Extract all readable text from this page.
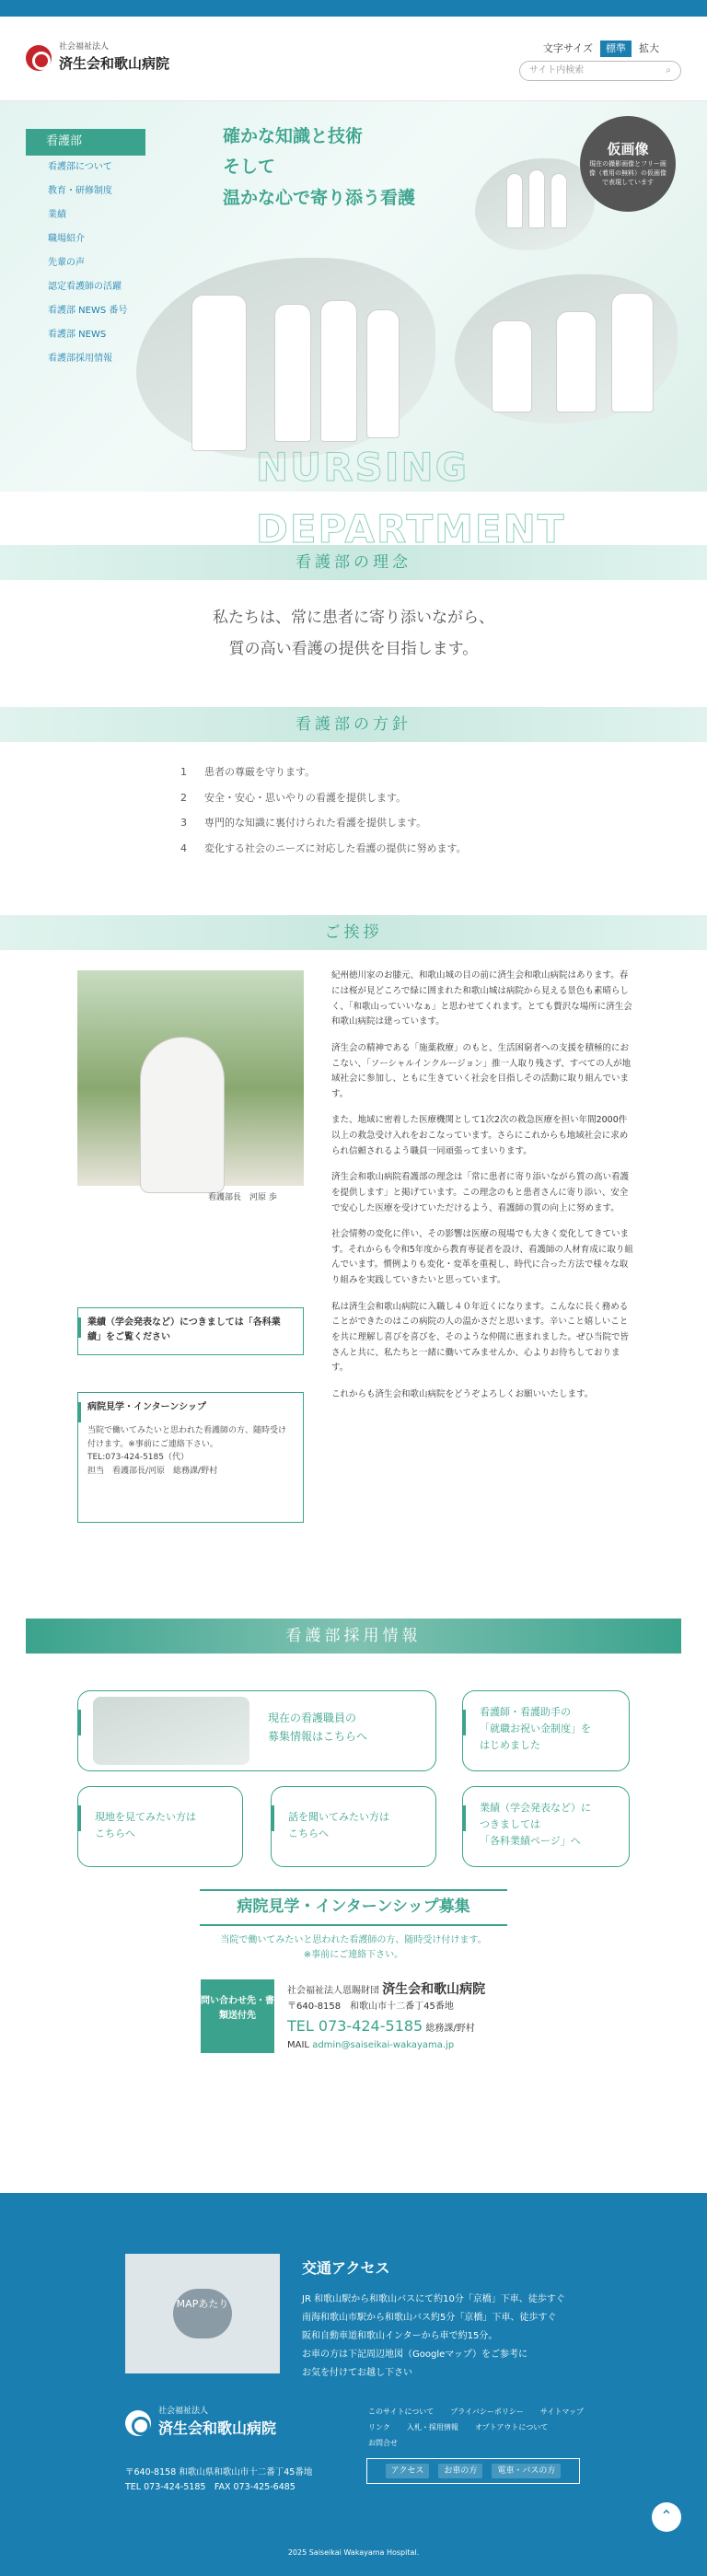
社会福祉法人
済生会和歌山病院
文字サイズ	標準	拡大
サイト内検索	⌕
看護部
看護部について
教育・研修制度
業績
職場紹介
先輩の声
認定看護師の活躍
看護部 NEWS 番号
看護部 NEWS
看護部採用情報
確かな知識と技術
そして
温かな心で寄り添う看護
仮画像
現在の撮影画像とフリー画像（着用の無料）の仮画像で表現しています
NURSING DEPARTMENT
看護部の理念
私たちは、常に患者に寄り添いながら、
質の高い看護の提供を目指します。
看護部の方針
1 患者の尊厳を守ります。
2 安全・安心・思いやりの看護を提供します。
3 専門的な知識に裏付けられた看護を提供します。
4 変化する社会のニーズに対応した看護の提供に努めます。
ご挨拶
看護部長　河原 歩
業績（学会発表など）につきましては「各科業績」をご覧ください
病院見学・インターンシップ

当院で働いてみたいと思われた看護師の方、随時受け付けます。※事前にご連絡下さい。

TEL:073-424-5185（代）

担当　看護部長/河原　総務課/野村

紀州徳川家のお膝元、和歌山城の目の前に済生会和歌山病院はあります。春には桜が見どころで緑に囲まれた和歌山城は病院から見える景色も素晴らしく、「和歌山っていいなぁ」と思わせてくれます。とても贅沢な場所に済生会和歌山病院は建っています。

済生会の精神である「施薬救療」のもと、生活困窮者への支援を積極的におこない、「ソーシャルインクルージョン」推一人取り残さず、すべての人が地域社会に参加し、ともに生きていく社会を目指しその活動に取り組んでいます。

また、地域に密着した医療機関として1次2次の救急医療を担い年間2000件以上の救急受け入れをおこなっています。さらにこれからも地域社会に求められ信頼されるよう職員一同頑張ってまいります。

済生会和歌山病院看護部の理念は「常に患者に寄り添いながら質の高い看護を提供します」と掲げています。この理念のもと患者さんに寄り添い、安全で安心した医療を受けていただけるよう、看護師の質の向上に努めます。

社会情勢の変化に伴い、その影響は医療の現場でも大きく変化してきています。それからも令和5年度から教育専従者を設け、看護師の人材育成に取り組んでいます。慣例よりも変化・変革を重視し、時代に合った方法で様々な取り組みを実践していきたいと思っています。

私は済生会和歌山病院に入職し４０年近くになります。こんなに長く務めることができたのはこの病院の人の温かさだと思います。辛いこと嬉しいことを共に理解し喜びを喜びを、そのような仲間に恵まれました。ぜひ当院で皆さんと共に、私たちと一緒に働いてみませんか、心よりお待ちしております。

これからも済生会和歌山病院をどうぞよろしくお願いいたします。

看護部採用情報
現在の看護職員の
募集情報はこちらへ
看護師・看護助手の
「就職お祝い金制度」を
はじめました
現地を見てみたい方は
こちらへ
話を聞いてみたい方は
こちらへ
業績（学会発表など）に
つきましては
「各科業績ページ」へ
病院見学・インターンシップ募集

当院で働いてみたいと思われた看護師の方、随時受け付けます。

※事前にご連絡下さい。

問い合わせ先・書類送付先
社会福祉法人恩賜財団 済生会和歌山病院
〒640-8158　和歌山市十二番丁45番地
TEL 073-424-5185 総務課/野村
MAIL admin@saiseikai-wakayama.jp
MAPあたり
交通アクセス
JR 和歌山駅から和歌山バスにて約10分「京橋」下車、徒歩すぐ
南海和歌山市駅から和歌山バス約5分「京橋」下車、徒歩すぐ
阪和自動車道和歌山インターから車で約15分。
お車の方は下記周辺地図（Googleマップ）をご参考に
お気を付けてお越し下さい
社会福祉法人
済生会和歌山病院
〒640-8158 和歌山県和歌山市十二番丁45番地
TEL 073-424-5185　FAX 073-425-6485
このサイトについて プライバシーポリシー サイトマップ
リンク 入札・採用情報 オプトアウトについて
お問合せ
アクセス	お車の方	電車・バスの方
⌃
2025 Saiseikai Wakayama Hospital.
